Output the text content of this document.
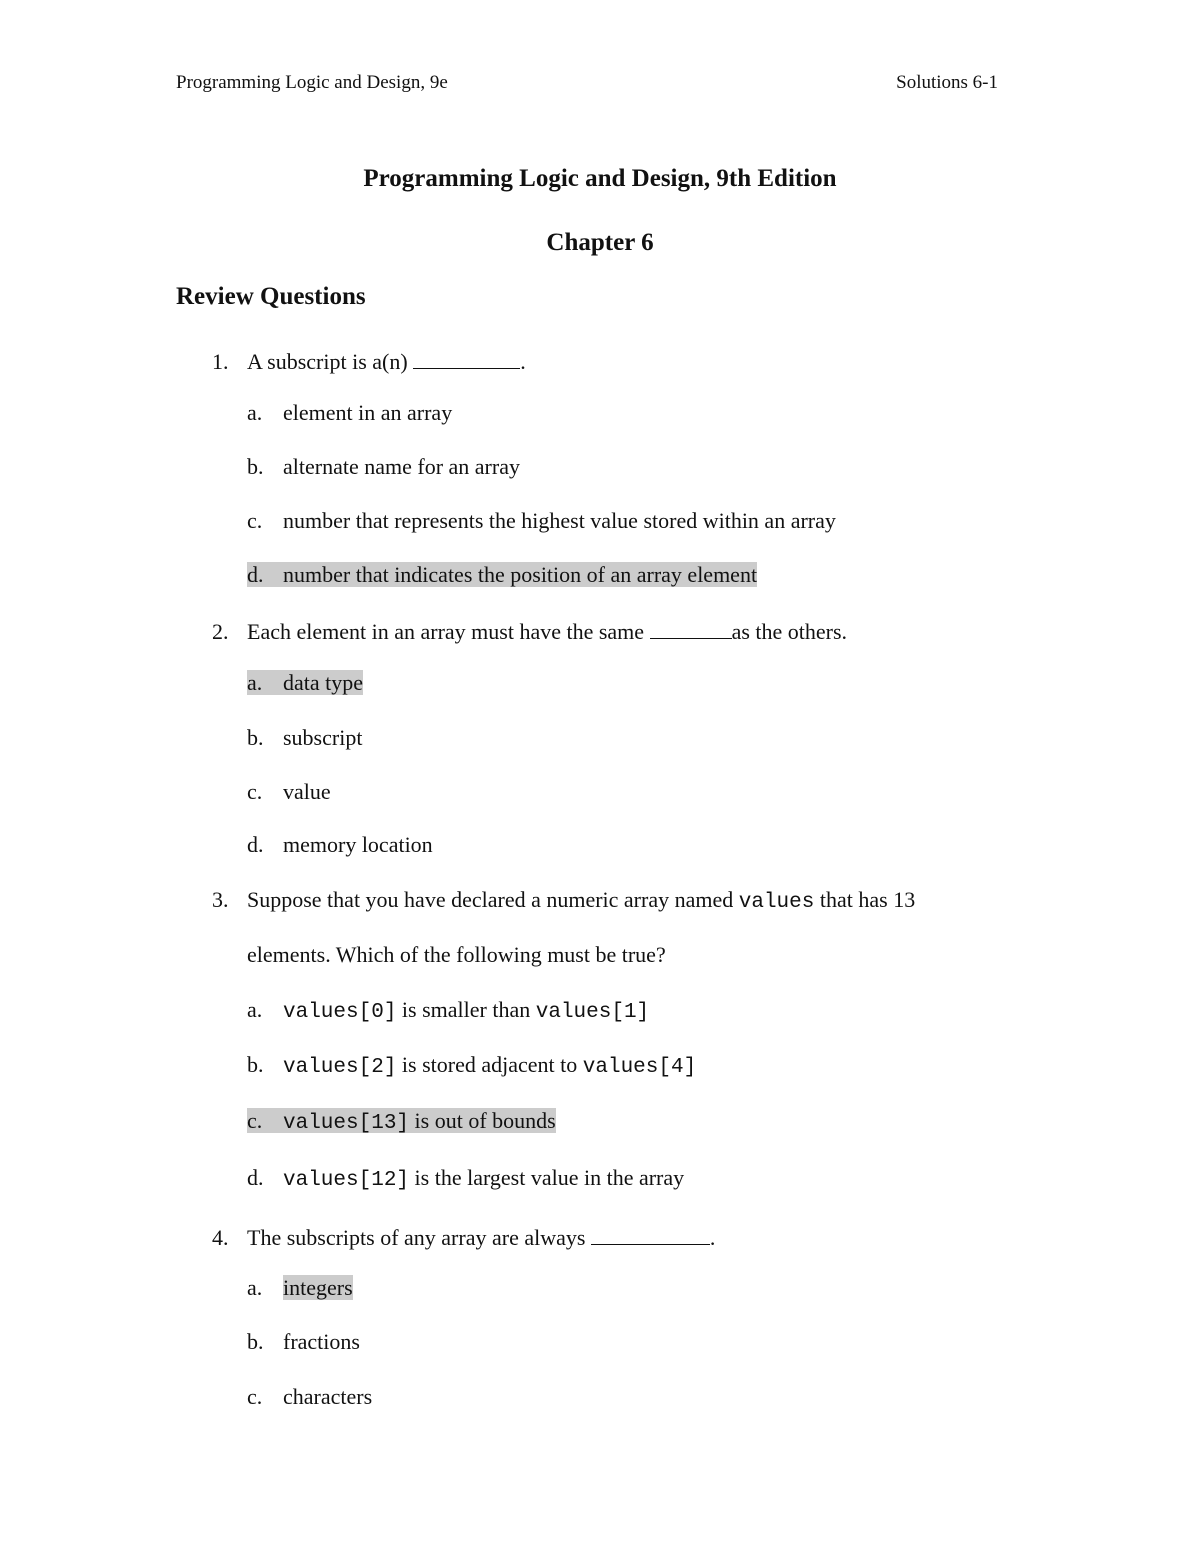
Programming Logic and Design, 9e	Solutions 6-1
Programming Logic and Design, 9th Edition
Chapter 6
Review Questions
1. A subscript is a(n)	.
a. element in an array
b. alternate name for an array
c. number that represents the highest value stored within an array
d. number that indicates the position of an array element
2. Each element in an array must have the same	as the others.
a. data type
b. subscript
c. value
d. memory location
3. Suppose that you have declared a numeric array named values that has 13
elements. Which of the following must be true?
a. values[0] is smaller than values[1]
b. values[2] is stored adjacent to values[4]
c. values[13] is out of bounds
d. values[12] is the largest value in the array
4. The subscripts of any array are always	.
a. integers
b. fractions
c. characters
